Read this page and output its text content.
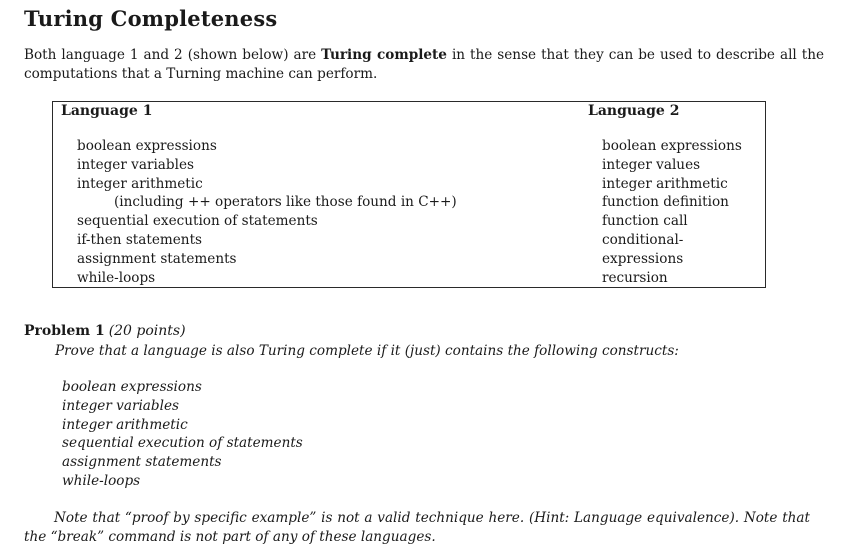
Turing Completeness
Both language 1 and 2 (shown below) are Turing complete in the sense that they can be used to describe all the computations that a Turning machine can perform.
Language 1
boolean expressions
integer variables
integer arithmetic
(including ++ operators like those found in C++)
sequential execution of statements
if-then statements
assignment statements
while-loops
Language 2
boolean expressions
integer values
integer arithmetic
function definition
function call
conditional-expressions
recursion
Problem 1 (20 points)
Prove that a language is also Turing complete if it (just) contains the following constructs:
boolean expressions
integer variables
integer arithmetic
sequential execution of statements
assignment statements
while-loops
Note that “proof by specific example” is not a valid technique here. (Hint: Language equivalence). Note that the “break” command is not part of any of these languages.
